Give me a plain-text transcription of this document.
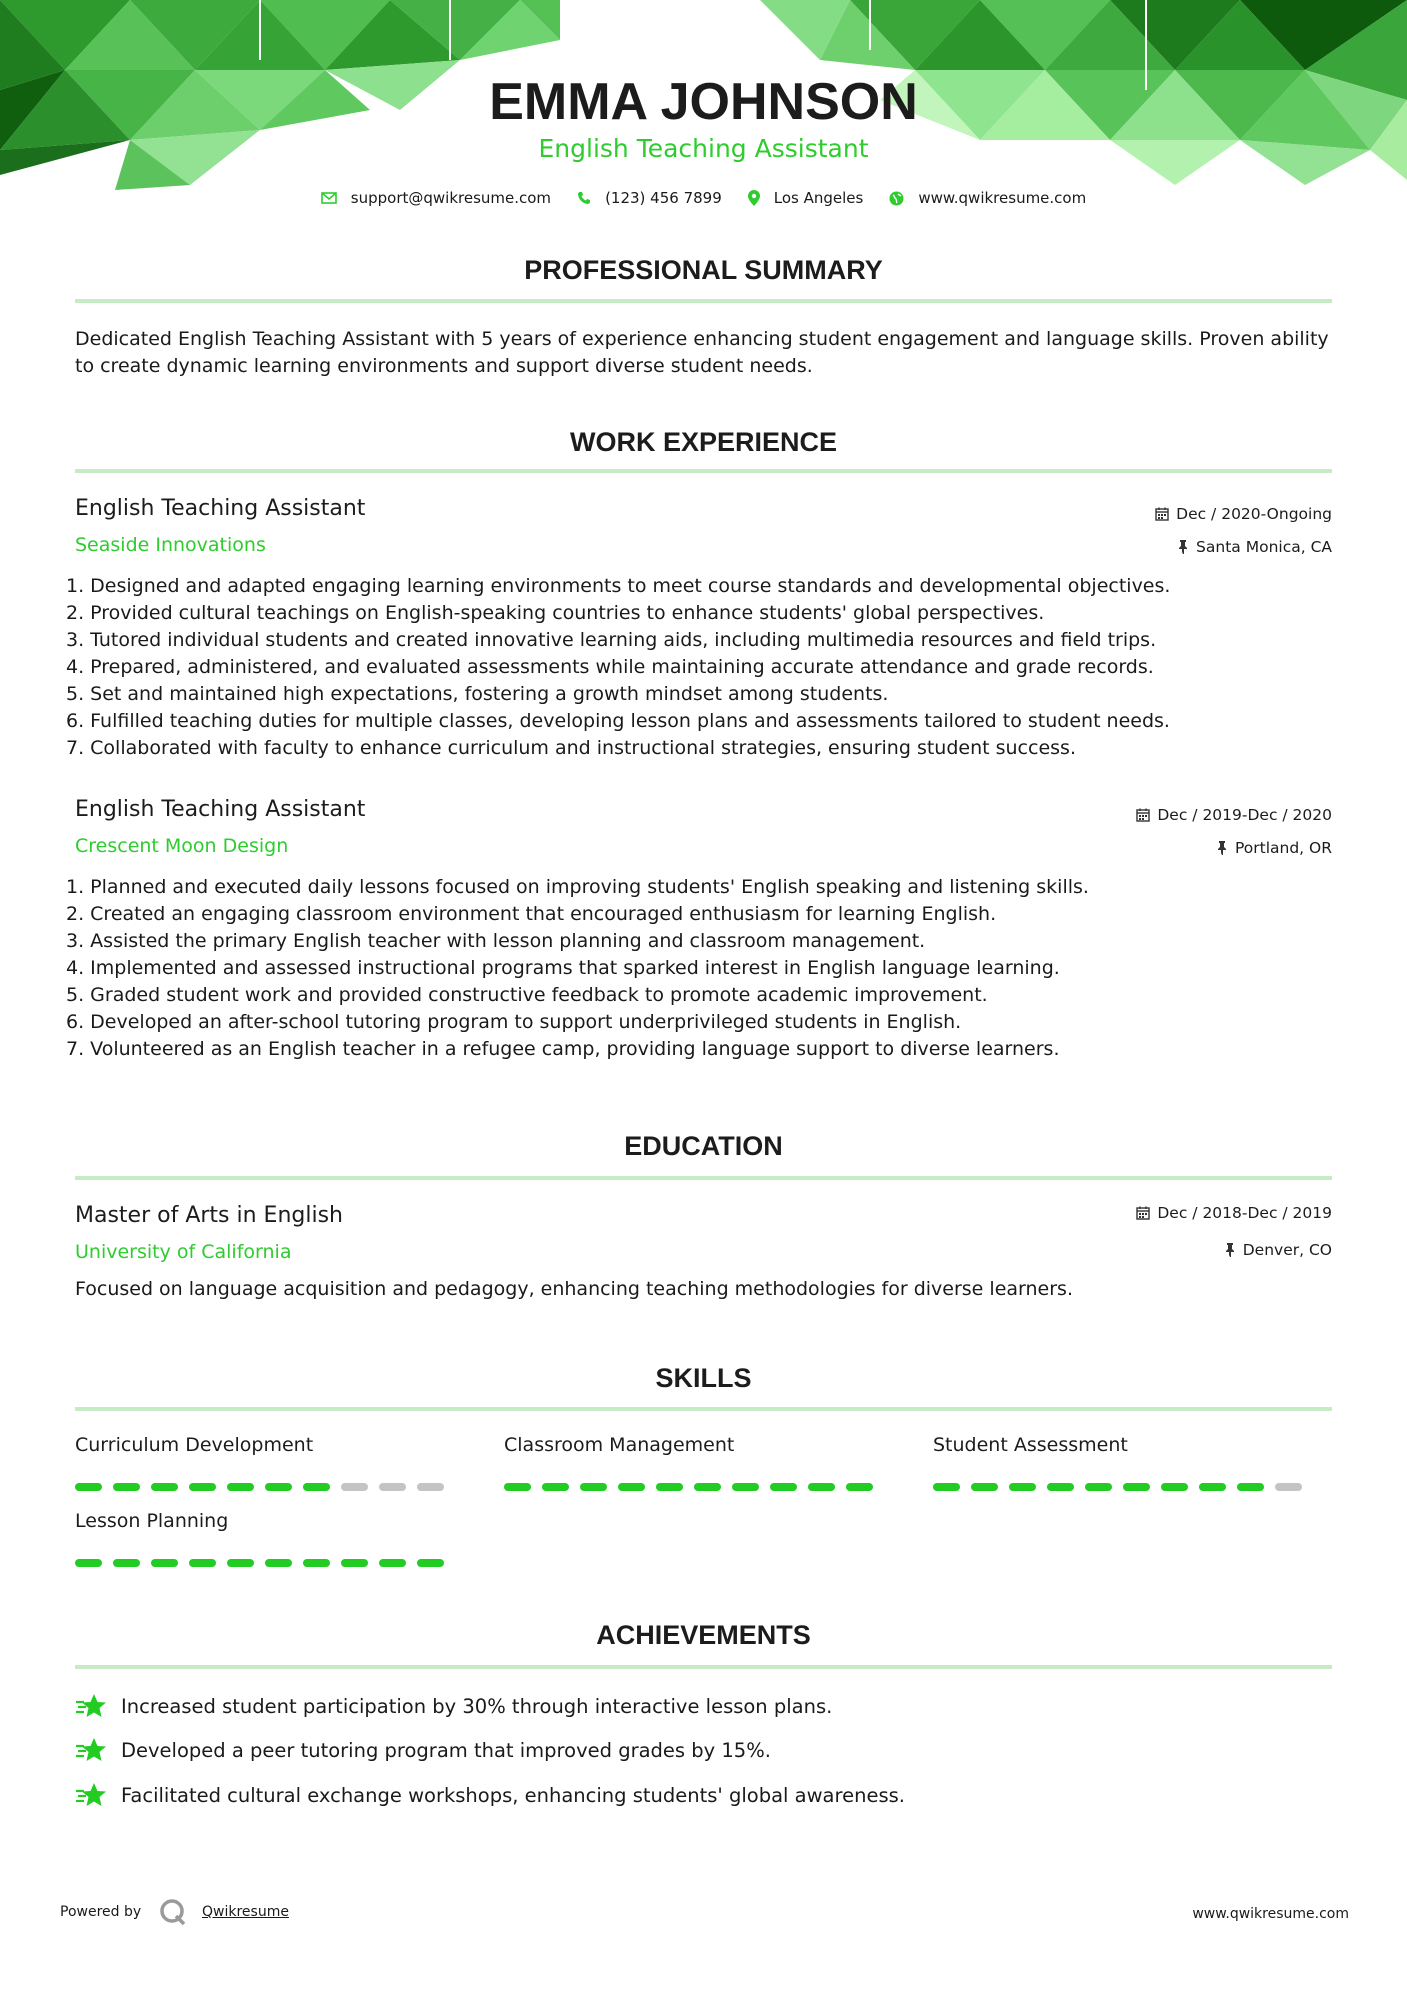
EMMA JOHNSON
English Teaching Assistant
support@qwikresume.com	(123) 456 7899	Los Angeles	www.qwikresume.com
PROFESSIONAL SUMMARY
Dedicated English Teaching Assistant with 5 years of experience enhancing student engagement and language skills. Proven ability to create dynamic learning environments and support diverse student needs.
WORK EXPERIENCE
English Teaching Assistant	Dec / 2020-Ongoing
Seaside Innovations	Santa Monica, CA
1. Designed and adapted engaging learning environments to meet course standards and developmental objectives.
2. Provided cultural teachings on English-speaking countries to enhance students' global perspectives.
3. Tutored individual students and created innovative learning aids, including multimedia resources and field trips.
4. Prepared, administered, and evaluated assessments while maintaining accurate attendance and grade records.
5. Set and maintained high expectations, fostering a growth mindset among students.
6. Fulfilled teaching duties for multiple classes, developing lesson plans and assessments tailored to student needs.
7. Collaborated with faculty to enhance curriculum and instructional strategies, ensuring student success.
English Teaching Assistant	Dec / 2019-Dec / 2020
Crescent Moon Design	Portland, OR
1. Planned and executed daily lessons focused on improving students' English speaking and listening skills.
2. Created an engaging classroom environment that encouraged enthusiasm for learning English.
3. Assisted the primary English teacher with lesson planning and classroom management.
4. Implemented and assessed instructional programs that sparked interest in English language learning.
5. Graded student work and provided constructive feedback to promote academic improvement.
6. Developed an after-school tutoring program to support underprivileged students in English.
7. Volunteered as an English teacher in a refugee camp, providing language support to diverse learners.
EDUCATION
Master of Arts in English	Dec / 2018-Dec / 2019
University of California	Denver, CO
Focused on language acquisition and pedagogy, enhancing teaching methodologies for diverse learners.
SKILLS
Curriculum Development	Classroom Management	Student Assessment
Lesson Planning
ACHIEVEMENTS
Increased student participation by 30% through interactive lesson plans.
Developed a peer tutoring program that improved grades by 15%.
Facilitated cultural exchange workshops, enhancing students' global awareness.
Powered by	Qwikresume	www.qwikresume.com
